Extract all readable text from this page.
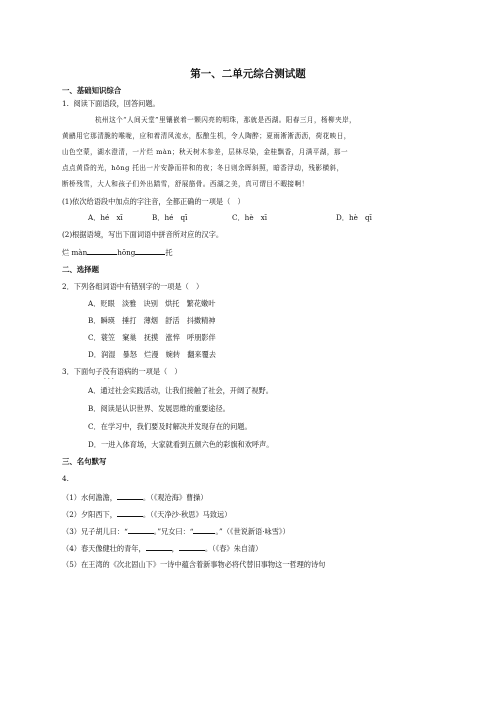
第一、二单元综合测试题
一、基础知识综合
1. 阅读下面语段，回答问题。
杭州这个“人间天堂”里镶嵌着一颗闪亮的明珠，那就是西湖。阳春三月，杨柳夹岸，
黄鹂用它那清脆的喉咙，应和着清风流水，酝酿生机，令人陶醉；夏雨淅淅沥沥，荷花映日，
山色空蒙，湖水澄清，一片烂 màn；秋天树木参差，层林尽染，金桂飘香，月满平湖，那一
点点黄昏的光，hōng 托出一片安静而祥和的夜；冬日则余晖斜照，暗香浮动，残影横斜，
断桥残雪，大人和孩子们外出踏雪，舒展筋骨。西湖之美，真可谓目不暇接啊！
(1)依次给语段中加点的字注音，全都正确的一项是（　）
A．hé　xī	B．hé　qī	C．hè　xī	D．hè　qī
(2)根据语境，写出下面词语中拼音所对应的汉字。
烂 màn	hōng	托
二、选择题
2．下列各组词语中有错别字的一项是（　）
A．贬眼　淡雅　诀别　烘托　繁花嫩叶
B．瞬瑛　捶打　薄烟　舒活　抖擞精神
C．蓑笠　窠巢　抚摸　涨悴　呼朋影伴
D．润湿　暴怒　烂漫　婉转　翻来覆去
3．下面句子没有语病的一项是（　）
···
A．通过社会实践活动，让我们接触了社会，开阔了视野。
B．阅读是认识世界、发展思维的重要途径。
C．在学习中，我们要及时解决并发现存在的问题。
D．一进入体育场，大家就看到五颜六色的彩旗和欢呼声。
三、名句默写
4.
（1）水何澹澹，	。（《观沧海》曹操）
（2）夕阳西下，	。（《天净沙·秋思》马致远）
（3）兄子胡儿曰：“	。”兄女曰：“	。”（《世说新语·咏雪》）
（4）春天像健壮的青年，	，	。（《春》朱自清）
（5）在王湾的《次北固山下》一诗中蕴含着新事物必将代替旧事物这一哲理的诗句
